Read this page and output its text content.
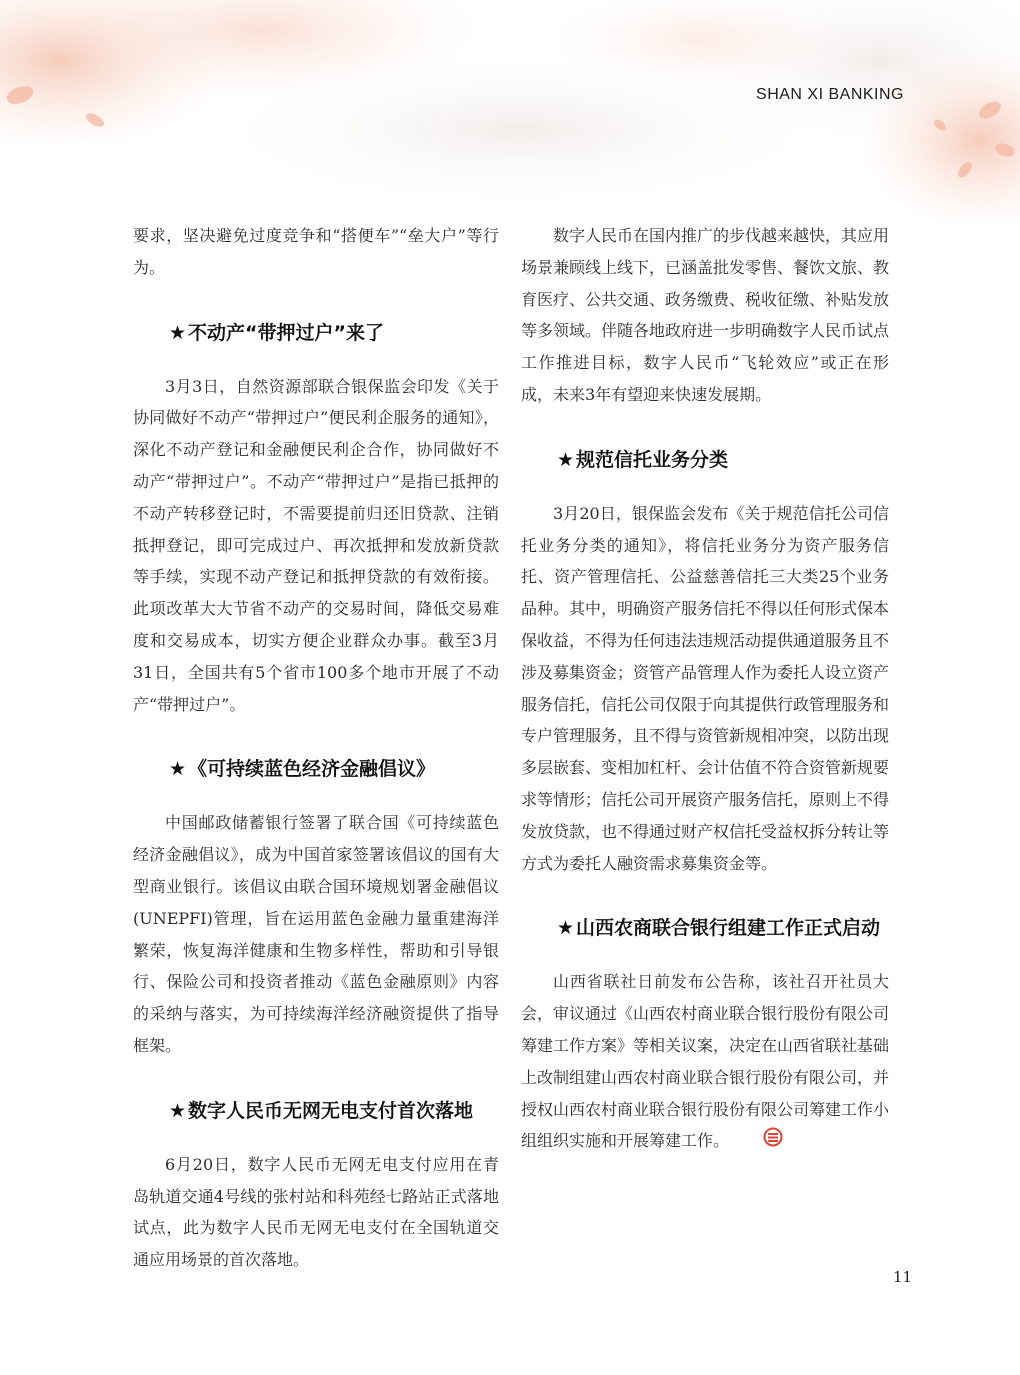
SHAN XI BANKING

要求，坚决避免过度竞争和“搭便车”“垒大户”等行为。

★ 不动产“带押过户”来了

3月3日，自然资源部联合银保监会印发《关于协同做好不动产“带押过户”便民利企服务的通知》，深化不动产登记和金融便民利企合作，协同做好不动产“带押过户”。不动产“带押过户”是指已抵押的不动产转移登记时，不需要提前归还旧贷款、注销抵押登记，即可完成过户、再次抵押和发放新贷款等手续，实现不动产登记和抵押贷款的有效衔接。此项改革大大节省不动产的交易时间，降低交易难度和交易成本，切实方便企业群众办事。截至3月31日，全国共有5个省市100多个地市开展了不动产“带押过户”。

★ 《可持续蓝色经济金融倡议》

中国邮政储蓄银行签署了联合国《可持续蓝色经济金融倡议》，成为中国首家签署该倡议的国有大型商业银行。该倡议由联合国环境规划署金融倡议(UNEPFI)管理，旨在运用蓝色金融力量重建海洋繁荣，恢复海洋健康和生物多样性，帮助和引导银行、保险公司和投资者推动《蓝色金融原则》内容的采纳与落实，为可持续海洋经济融资提供了指导框架。

★ 数字人民币无网无电支付首次落地

6月20日，数字人民币无网无电支付应用在青岛轨道交通4号线的张村站和科苑经七路站正式落地试点，此为数字人民币无网无电支付在全国轨道交通应用场景的首次落地。

数字人民币在国内推广的步伐越来越快，其应用场景兼顾线上线下，已涵盖批发零售、餐饮文旅、教育医疗、公共交通、政务缴费、税收征缴、补贴发放等多领域。伴随各地政府进一步明确数字人民币试点工作推进目标，数字人民币“飞轮效应”或正在形成，未来3年有望迎来快速发展期。

★ 规范信托业务分类

3月20日，银保监会发布《关于规范信托公司信托业务分类的通知》，将信托业务分为资产服务信托、资产管理信托、公益慈善信托三大类25个业务品种。其中，明确资产服务信托不得以任何形式保本保收益，不得为任何违法违规活动提供通道服务且不涉及募集资金；资管产品管理人作为委托人设立资产服务信托，信托公司仅限于向其提供行政管理服务和专户管理服务，且不得与资管新规相冲突，以防出现多层嵌套、变相加杠杆、会计估值不符合资管新规要求等情形；信托公司开展资产服务信托，原则上不得发放贷款，也不得通过财产权信托受益权拆分转让等方式为委托人融资需求募集资金等。

★ 山西农商联合银行组建工作正式启动

山西省联社日前发布公告称，该社召开社员大会，审议通过《山西农村商业联合银行股份有限公司筹建工作方案》等相关议案，决定在山西省联社基础上改制组建山西农村商业联合银行股份有限公司，并授权山西农村商业联合银行股份有限公司筹建工作小组组织实施和开展筹建工作。

11
